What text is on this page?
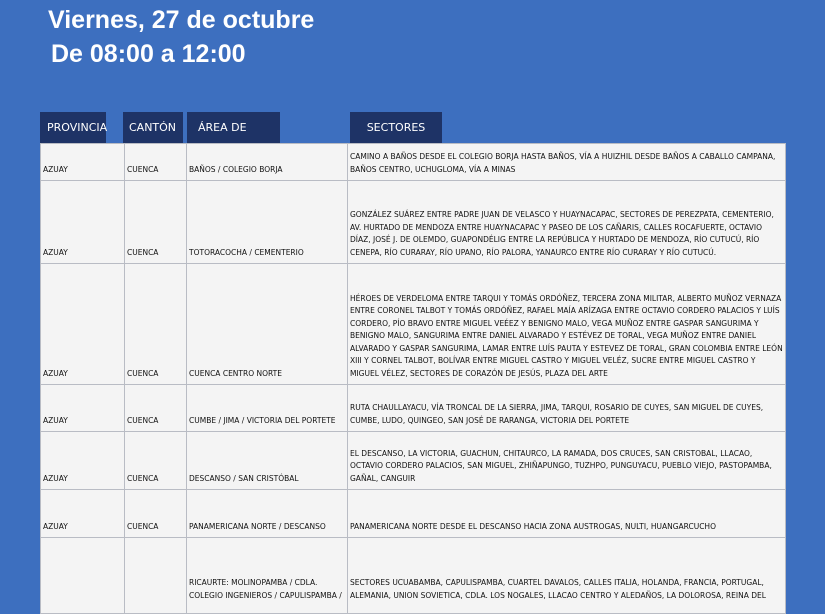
Viernes, 27 de octubre
De 08:00 a 12:00
PROVINCIA	CANTÓN	ÁREA DE	SECTORES
AZUAY	CUENCA	BAÑOS / COLEGIO BORJA	CAMINO A BAÑOS DESDE EL COLEGIO BORJA HASTA BAÑOS, VÍA A HUIZHIL DESDE BAÑOS A CABALLO CAMPANA, BAÑOS CENTRO, UCHUGLOMA, VÍA A MINAS
AZUAY	CUENCA	TOTORACOCHA / CEMENTERIO	GONZÁLEZ SUÁREZ ENTRE PADRE JUAN DE VELASCO Y HUAYNACAPAC, SECTORES DE PEREZPATA, CEMENTERIO, AV. HURTADO DE MENDOZA ENTRE HUAYNACAPAC Y PASEO DE LOS CAÑARIS, CALLES ROCAFUERTE, OCTAVIO DÍAZ, JOSÉ J. DE OLEMDO, GUAPONDÉLIG ENTRE LA REPÚBLICA Y HURTADO DE MENDOZA, RÍO CUTUCÚ, RÍO CENEPA, RÍO CURARAY, RÍO UPANO, RÍO PALORA, YANAURCO ENTRE RÍO CURARAY Y RÍO CUTUCÚ.
AZUAY	CUENCA	CUENCA CENTRO NORTE	HÉROES DE VERDELOMA ENTRE TARQUI Y TOMÁS ORDÓÑEZ, TERCERA ZONA MILITAR, ALBERTO MUÑOZ VERNAZA ENTRE CORONEL TALBOT Y TOMÁS ORDÓÑEZ, RAFAEL MAÍA ARÍZAGA ENTRE OCTAVIO CORDERO PALACIOS Y LUÍS CORDERO, PÍO BRAVO ENTRE MIGUEL VEÉEZ Y BENIGNO MALO, VEGA MUÑOZ ENTRE GASPAR SANGURIMA Y BENIGNO MALO, SANGURIMA ENTRE DANIEL ALVARADO Y ESTÉVEZ DE TORAL, VEGA MUÑOZ ENTRE DANIEL ALVARADO Y GASPAR SANGURIMA, LAMAR ENTRE LUÍS PAUTA Y ESTEVEZ DE TORAL, GRAN COLOMBIA ENTRE LEÓN XIII Y CORNEL TALBOT, BOLÍVAR ENTRE MIGUEL CASTRO Y MIGUEL VELÉZ, SUCRE ENTRE MIGUEL CASTRO Y MIGUEL VÉLEZ, SECTORES DE CORAZÓN DE JESÚS, PLAZA DEL ARTE
AZUAY	CUENCA	CUMBE / JIMA / VICTORIA DEL PORTETE	RUTA CHAULLAYACU, VÍA TRONCAL DE LA SIERRA, JIMA, TARQUI, ROSARIO DE CUYES, SAN MIGUEL DE CUYES, CUMBE, LUDO, QUINGEO, SAN JOSÉ DE RARANGA, VICTORIA DEL PORTETE
AZUAY	CUENCA	DESCANSO / SAN CRISTÓBAL	EL DESCANSO, LA VICTORIA, GUACHUN, CHITAURCO, LA RAMADA, DOS CRUCES, SAN CRISTOBAL, LLACAO, OCTAVIO CORDERO PALACIOS, SAN MIGUEL, ZHIÑAPUNGO, TUZHPO, PUNGUYACU, PUEBLO VIEJO, PASTOPAMBA, GAÑAL, CANGUIR
AZUAY	CUENCA	PANAMERICANA NORTE / DESCANSO	PANAMERICANA NORTE DESDE EL DESCANSO HACIA ZONA AUSTROGAS, NULTI, HUANGARCUCHO
		RICAURTE: MOLINOPAMBA / CDLA. COLEGIO INGENIEROS / CAPULISPAMBA /	SECTORES UCUABAMBA, CAPULISPAMBA, CUARTEL DAVALOS, CALLES ITALIA, HOLANDA, FRANCIA, PORTUGAL, ALEMANIA, UNION SOVIETICA, CDLA. LOS NOGALES, LLACAO CENTRO Y ALEDAÑOS, LA DOLOROSA, REINA DEL
